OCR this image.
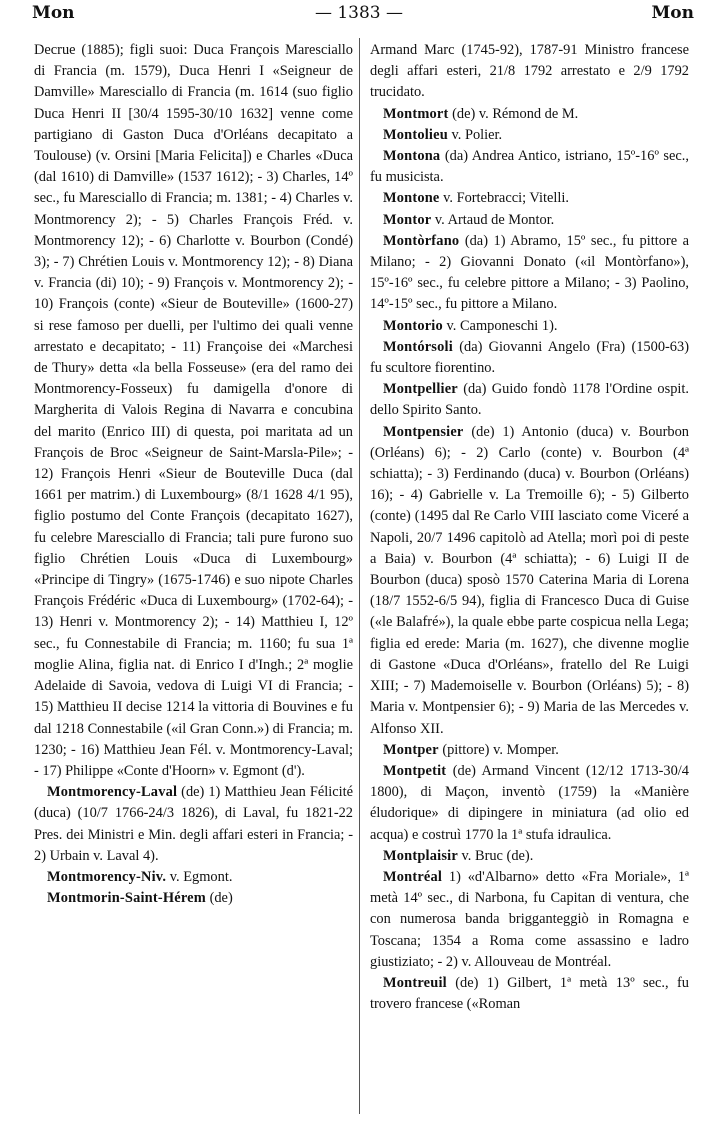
Mon	— 1383 —	Mon

Decrue (1885); figli suoi: Duca François Maresciallo di Francia (m. 1579), Duca Henri I «Seigneur de Damville» Maresciallo di Francia (m. 1614 (suo figlio Duca Henri II [30/4 1595-30/10 1632] venne come partigiano di Gaston Duca d'Orléans decapitato a Toulouse) (v. Orsini [Maria Felicita]) e Charles «Duca (dal 1610) di Damville» (1537 1612); - 3) Charles, 14º sec., fu Maresciallo di Francia; m. 1381; - 4) Charles v. Montmorency 2); - 5) Charles François Fréd. v. Montmorency 12); - 6) Charlotte v. Bourbon (Condé) 3); - 7) Chrétien Louis v. Montmorency 12); - 8) Diana v. Francia (di) 10); - 9) François v. Montmorency 2); - 10) François (conte) «Sieur de Bouteville» (1600-27) si rese famoso per duelli, per l'ultimo dei quali venne arrestato e decapitato; - 11) Françoise dei «Marchesi de Thury» detta «la bella Fosseuse» (era del ramo dei Montmorency-Fosseux) fu damigella d'onore di Margherita di Valois Regina di Navarra e concubina del marito (Enrico III) di questa, poi maritata ad un François de Broc «Seigneur de Saint-Marsla-Pile»; - 12) François Henri «Sieur de Bouteville Duca (dal 1661 per matrim.) di Luxembourg» (8/1 1628 4/1 95), figlio postumo del Conte François (decapitato 1627), fu celebre Maresciallo di Francia; tali pure furono suo figlio Chrétien Louis «Duca di Luxembourg» «Principe di Tingry» (1675-1746) e suo nipote Charles François Frédéric «Duca di Luxembourg» (1702-64); - 13) Henri v. Montmorency 2); - 14) Matthieu I, 12º sec., fu Connestabile di Francia; m. 1160; fu sua 1ª moglie Alina, figlia nat. di Enrico I d'Ingh.; 2ª moglie Adelaide di Savoia, vedova di Luigi VI di Francia; - 15) Matthieu II decise 1214 la vittoria di Bouvines e fu dal 1218 Connestabile («il Gran Conn.») di Francia; m. 1230; - 16) Matthieu Jean Fél. v. Montmorency-Laval; - 17) Philippe «Conte d'Hoorn» v. Egmont (d').

Montmorency-Laval (de) 1) Matthieu Jean Félicité (duca) (10/7 1766-24/3 1826), di Laval, fu 1821-22 Pres. dei Ministri e Min. degli affari esteri in Francia; - 2) Urbain v. Laval 4).

Montmorency-Niv. v. Egmont.

Montmorin-Saint-Hérem (de)

Armand Marc (1745-92), 1787-91 Ministro francese degli affari esteri, 21/8 1792 arrestato e 2/9 1792 trucidato.

Montmort (de) v. Rémond de M.

Montolieu v. Polier.

Montona (da) Andrea Antico, istriano, 15º-16º sec., fu musicista.

Montone v. Fortebracci; Vitelli.

Montor v. Artaud de Montor.

Montòrfano (da) 1) Abramo, 15º sec., fu pittore a Milano; - 2) Giovanni Donato («il Montòrfano»), 15º-16º sec., fu celebre pittore a Milano; - 3) Paolino, 14º-15º sec., fu pittore a Milano.

Montorio v. Camponeschi 1).

Montórsoli (da) Giovanni Angelo (Fra) (1500-63) fu scultore fiorentino.

Montpellier (da) Guido fondò 1178 l'Ordine ospit. dello Spirito Santo.

Montpensier (de) 1) Antonio (duca) v. Bourbon (Orléans) 6); - 2) Carlo (conte) v. Bourbon (4ª schiatta); - 3) Ferdinando (duca) v. Bourbon (Orléans) 16); - 4) Gabrielle v. La Tremoille 6); - 5) Gilberto (conte) (1495 dal Re Carlo VIII lasciato come Viceré a Napoli, 20/7 1496 capitolò ad Atella; morì poi di peste a Baia) v. Bourbon (4ª schiatta); - 6) Luigi II de Bourbon (duca) sposò 1570 Caterina Maria di Lorena (18/7 1552-6/5 94), figlia di Francesco Duca di Guise («le Balafré»), la quale ebbe parte cospicua nella Lega; figlia ed erede: Maria (m. 1627), che divenne moglie di Gastone «Duca d'Orléans», fratello del Re Luigi XIII; - 7) Mademoiselle v. Bourbon (Orléans) 5); - 8) Maria v. Montpensier 6); - 9) Maria de las Mercedes v. Alfonso XII.

Montper (pittore) v. Momper.

Montpetit (de) Armand Vincent (12/12 1713-30/4 1800), di Maçon, inventò (1759) la «Manière éludorique» di dipingere in miniatura (ad olio ed acqua) e costruì 1770 la 1ª stufa idraulica.

Montplaisir v. Bruc (de).

Montréal 1) «d'Albarno» detto «Fra Moriale», 1ª metà 14º sec., di Narbona, fu Capitan di ventura, che con numerosa banda brigganteggiò in Romagna e Toscana; 1354 a Roma come assassino e ladro giustiziato; - 2) v. Allouveau de Montréal.

Montreuil (de) 1) Gilbert, 1ª metà 13º sec., fu trovero francese («Roman
